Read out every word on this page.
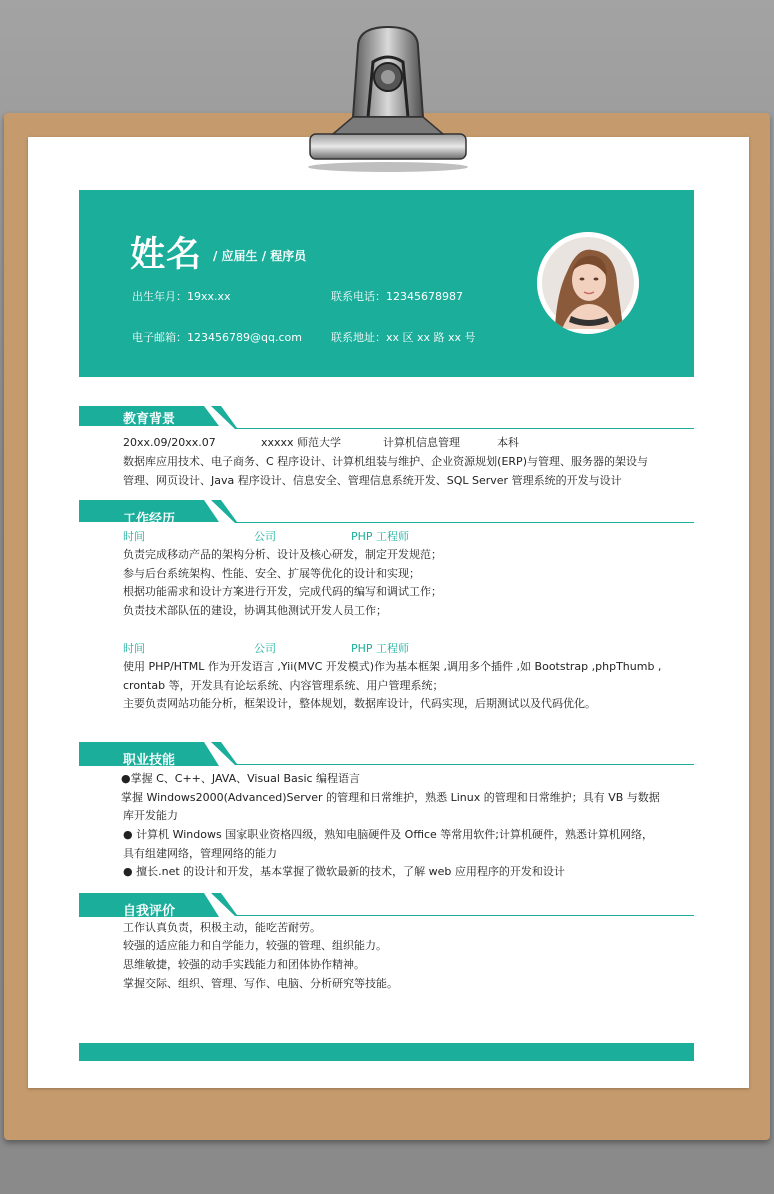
姓名 / 应届生 / 程序员
出生年月：19xx.xx	联系电话：12345678987
电子邮箱：123456789@qq.com	联系地址：xx 区 xx 路 xx 号
教育背景
20xx.09/20xx.07	xxxxx 师范大学	计算机信息管理	本科
数据库应用技术、电子商务、C 程序设计、计算机组装与维护、企业资源规划(ERP)与管理、服务器的架设与
管理、网页设计、Java 程序设计、信息安全、管理信息系统开发、SQL Server 管理系统的开发与设计
工作经历
时间	公司	PHP 工程师
负责完成移动产品的架构分析、设计及核心研发，制定开发规范；
参与后台系统架构、性能、安全、扩展等优化的设计和实现；
根据功能需求和设计方案进行开发，完成代码的编写和调试工作；
负责技术部队伍的建设，协调其他测试开发人员工作；
时间	公司	PHP 工程师
使用 PHP/HTML 作为开发语言 ,Yii(MVC 开发模式)作为基本框架 ,调用多个插件 ,如 Bootstrap ,phpThumb ,
crontab 等，开发具有论坛系统、内容管理系统、用户管理系统；
主要负责网站功能分析，框架设计，整体规划，数据库设计，代码实现，后期测试以及代码优化。
职业技能
●掌握 C、C++、JAVA、Visual Basic 编程语言
掌握 Windows2000(Advanced)Server 的管理和日常维护，熟悉 Linux 的管理和日常维护；具有 VB 与数据
库开发能力
● 计算机 Windows 国家职业资格四级，熟知电脑硬件及 Office 等常用软件;计算机硬件，熟悉计算机网络，
具有组建网络，管理网络的能力
● 擅长.net 的设计和开发，基本掌握了微软最新的技术，了解 web 应用程序的开发和设计
自我评价
工作认真负责，积极主动，能吃苦耐劳。
较强的适应能力和自学能力，较强的管理、组织能力。
思维敏捷，较强的动手实践能力和团体协作精神。
掌握交际、组织、管理、写作、电脑、分析研究等技能。
